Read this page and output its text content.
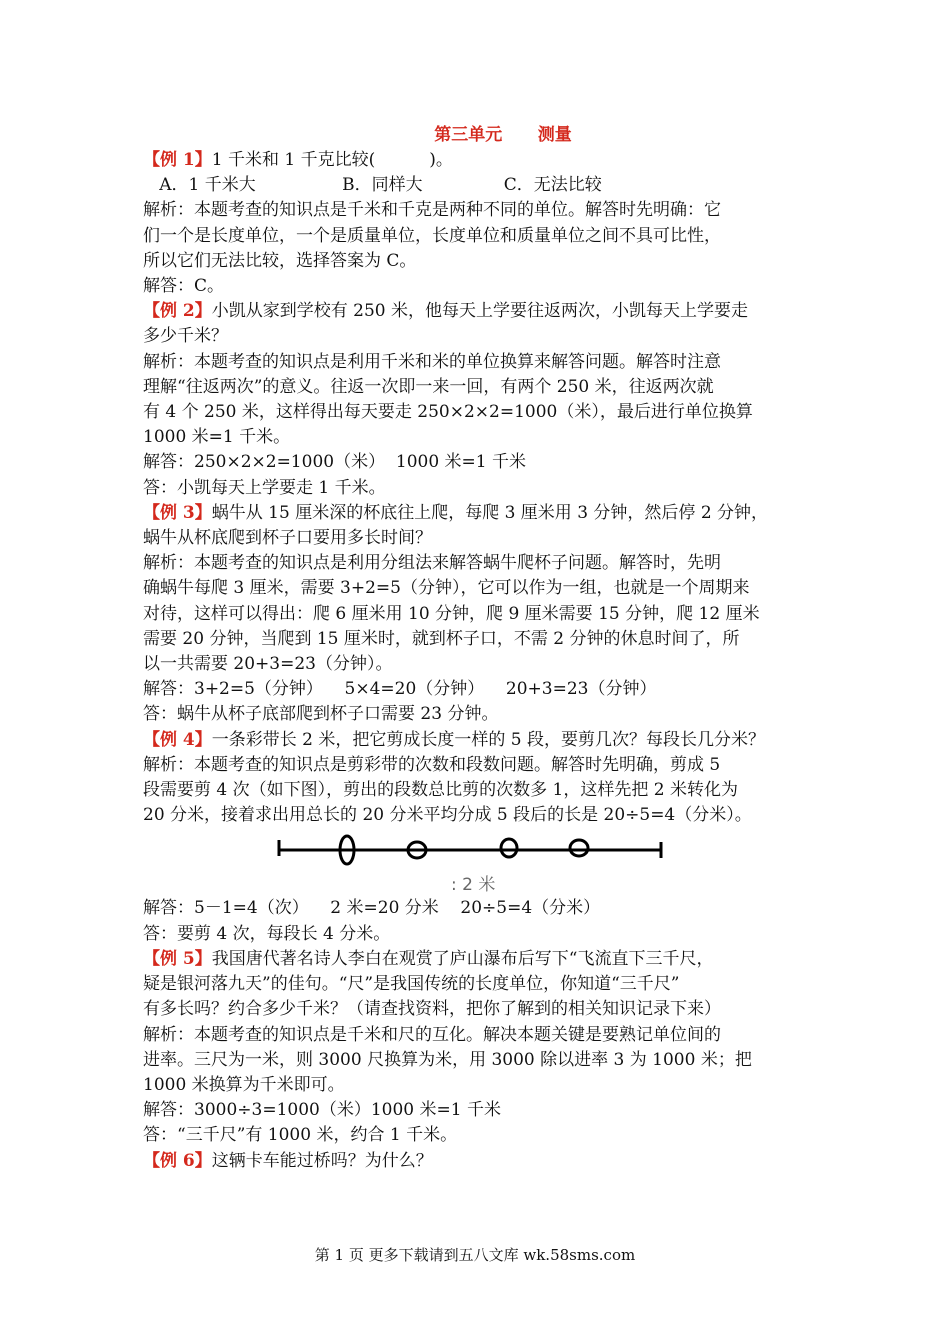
第三单元      测量

【例 1】1 千米和 1 千克比较(          )。

A．1 千米大                B．同样大               C．无法比较

解析：本题考查的知识点是千米和千克是两种不同的单位。解答时先明确：它

们一个是长度单位，一个是质量单位，长度单位和质量单位之间不具可比性，

所以它们无法比较，选择答案为 C。

解答：C。

【例 2】小凯从家到学校有 250 米，他每天上学要往返两次，小凯每天上学要走

多少千米？

解析：本题考查的知识点是利用千米和米的单位换算来解答问题。解答时注意

理解“往返两次”的意义。往返一次即一来一回，有两个 250 米，往返两次就

有 4 个 250 米，这样得出每天要走 250×2×2=1000（米），最后进行单位换算

1000 米=1 千米。

解答：250×2×2=1000（米）  1000 米=1 千米

答：小凯每天上学要走 1 千米。

【例 3】蜗牛从 15 厘米深的杯底往上爬，每爬 3 厘米用 3 分钟，然后停 2 分钟，

蜗牛从杯底爬到杯子口要用多长时间？

解析：本题考查的知识点是利用分组法来解答蜗牛爬杯子问题。解答时，先明

确蜗牛每爬 3 厘米，需要 3+2=5（分钟），它可以作为一组，也就是一个周期来

对待，这样可以得出：爬 6 厘米用 10 分钟，爬 9 厘米需要 15 分钟，爬 12 厘米

需要 20 分钟，当爬到 15 厘米时，就到杯子口，不需 2 分钟的休息时间了，所

以一共需要 20+3=23（分钟）。

解答：3+2=5（分钟）    5×4=20（分钟）    20+3=23（分钟）

答：蜗牛从杯子底部爬到杯子口需要 23 分钟。

【例 4】一条彩带长 2 米，把它剪成长度一样的 5 段，要剪几次？每段长几分米？

解析：本题考查的知识点是剪彩带的次数和段数问题。解答时先明确，剪成 5

段需要剪 4 次（如下图），剪出的段数总比剪的次数多 1，这样先把 2 米转化为

20 分米，接着求出用总长的 20 分米平均分成 5 段后的长是 20÷5=4（分米）。

: 2 米

解答：5－1=4（次）    2 米=20 分米    20÷5=4（分米）

答：要剪 4 次，每段长 4 分米。

【例 5】我国唐代著名诗人李白在观赏了庐山瀑布后写下“飞流直下三千尺，

疑是银河落九天”的佳句。“尺”是我国传统的长度单位，你知道“三千尺”

有多长吗？约合多少千米？（请查找资料，把你了解到的相关知识记录下来）

解析：本题考查的知识点是千米和尺的互化。解决本题关键是要熟记单位间的

进率。三尺为一米，则 3000 尺换算为米，用 3000 除以进率 3 为 1000 米；把

1000 米换算为千米即可。

解答：3000÷3=1000（米）1000 米=1 千米

答：“三千尺”有 1000 米，约合 1 千米。

【例 6】这辆卡车能过桥吗？为什么？

第 1 页 更多下载请到五八文库 wk.58sms.com
